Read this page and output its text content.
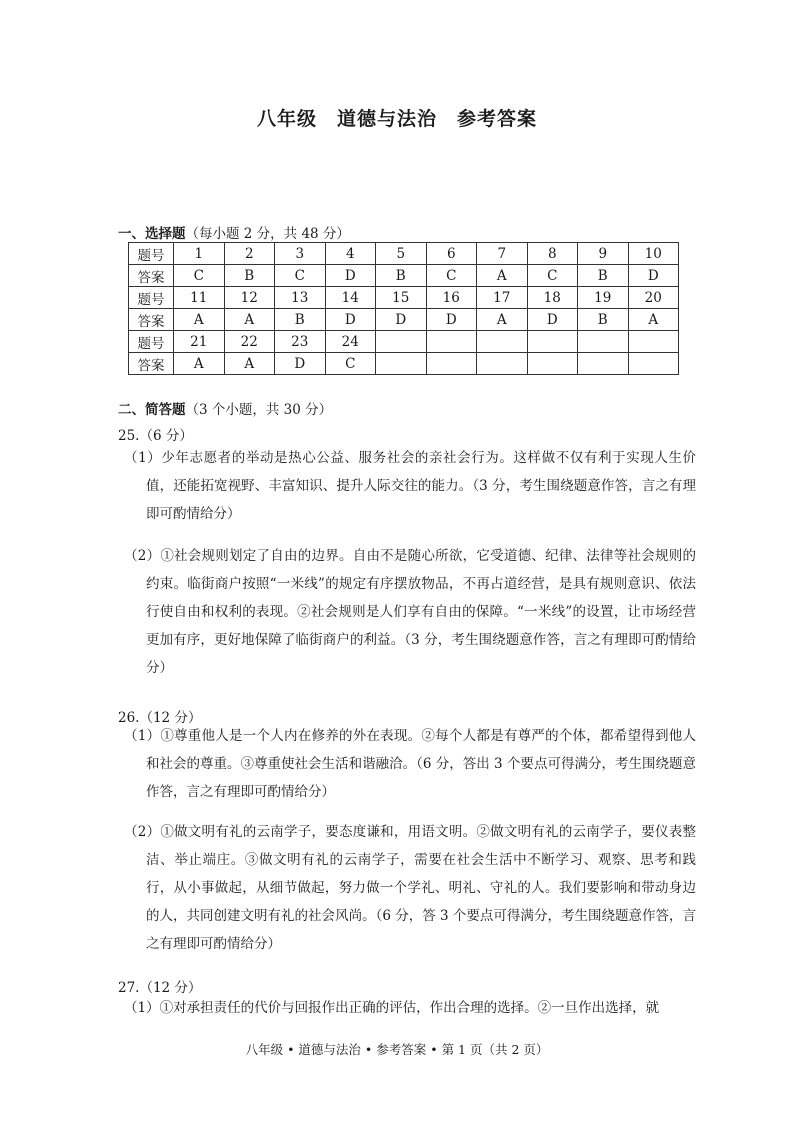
八年级　道德与法治　参考答案
一、选择题（每小题 2 分，共 48 分）
题号	1	2	3	4	5	6	7	8	9	10
答案	C	B	C	D	B	C	A	C	B	D
题号	11	12	13	14	15	16	17	18	19	20
答案	A	A	B	D	D	D	A	D	B	A
题号	21	22	23	24						
答案	A	A	D	C						
二、简答题（3 个小题，共 30 分）
25.（6 分）
（1）少年志愿者的举动是热心公益、服务社会的亲社会行为。这样做不仅有利于实现人生价值，还能拓宽视野、丰富知识、提升人际交往的能力。（3 分，考生围绕题意作答，言之有理即可酌情给分）
（2）①社会规则划定了自由的边界。自由不是随心所欲，它受道德、纪律、法律等社会规则的约束。临街商户按照“一米线”的规定有序摆放物品，不再占道经营，是具有规则意识、依法行使自由和权利的表现。②社会规则是人们享有自由的保障。“一米线”的设置，让市场经营更加有序，更好地保障了临街商户的利益。（3 分，考生围绕题意作答，言之有理即可酌情给分）
26.（12 分）
（1）①尊重他人是一个人内在修养的外在表现。②每个人都是有尊严的个体，都希望得到他人和社会的尊重。③尊重使社会生活和谐融洽。（6 分，答出 3 个要点可得满分，考生围绕题意作答，言之有理即可酌情给分）
（2）①做文明有礼的云南学子，要态度谦和，用语文明。②做文明有礼的云南学子，要仪表整洁、举止端庄。③做文明有礼的云南学子，需要在社会生活中不断学习、观察、思考和践行，从小事做起，从细节做起，努力做一个学礼、明礼、守礼的人。我们要影响和带动身边的人，共同创建文明有礼的社会风尚。（6 分，答 3 个要点可得满分，考生围绕题意作答，言之有理即可酌情给分）
27.（12 分）
（1）①对承担责任的代价与回报作出正确的评估，作出合理的选择。②一旦作出选择，就
八年级 • 道德与法治 • 参考答案 • 第 1 页（共 2 页）
